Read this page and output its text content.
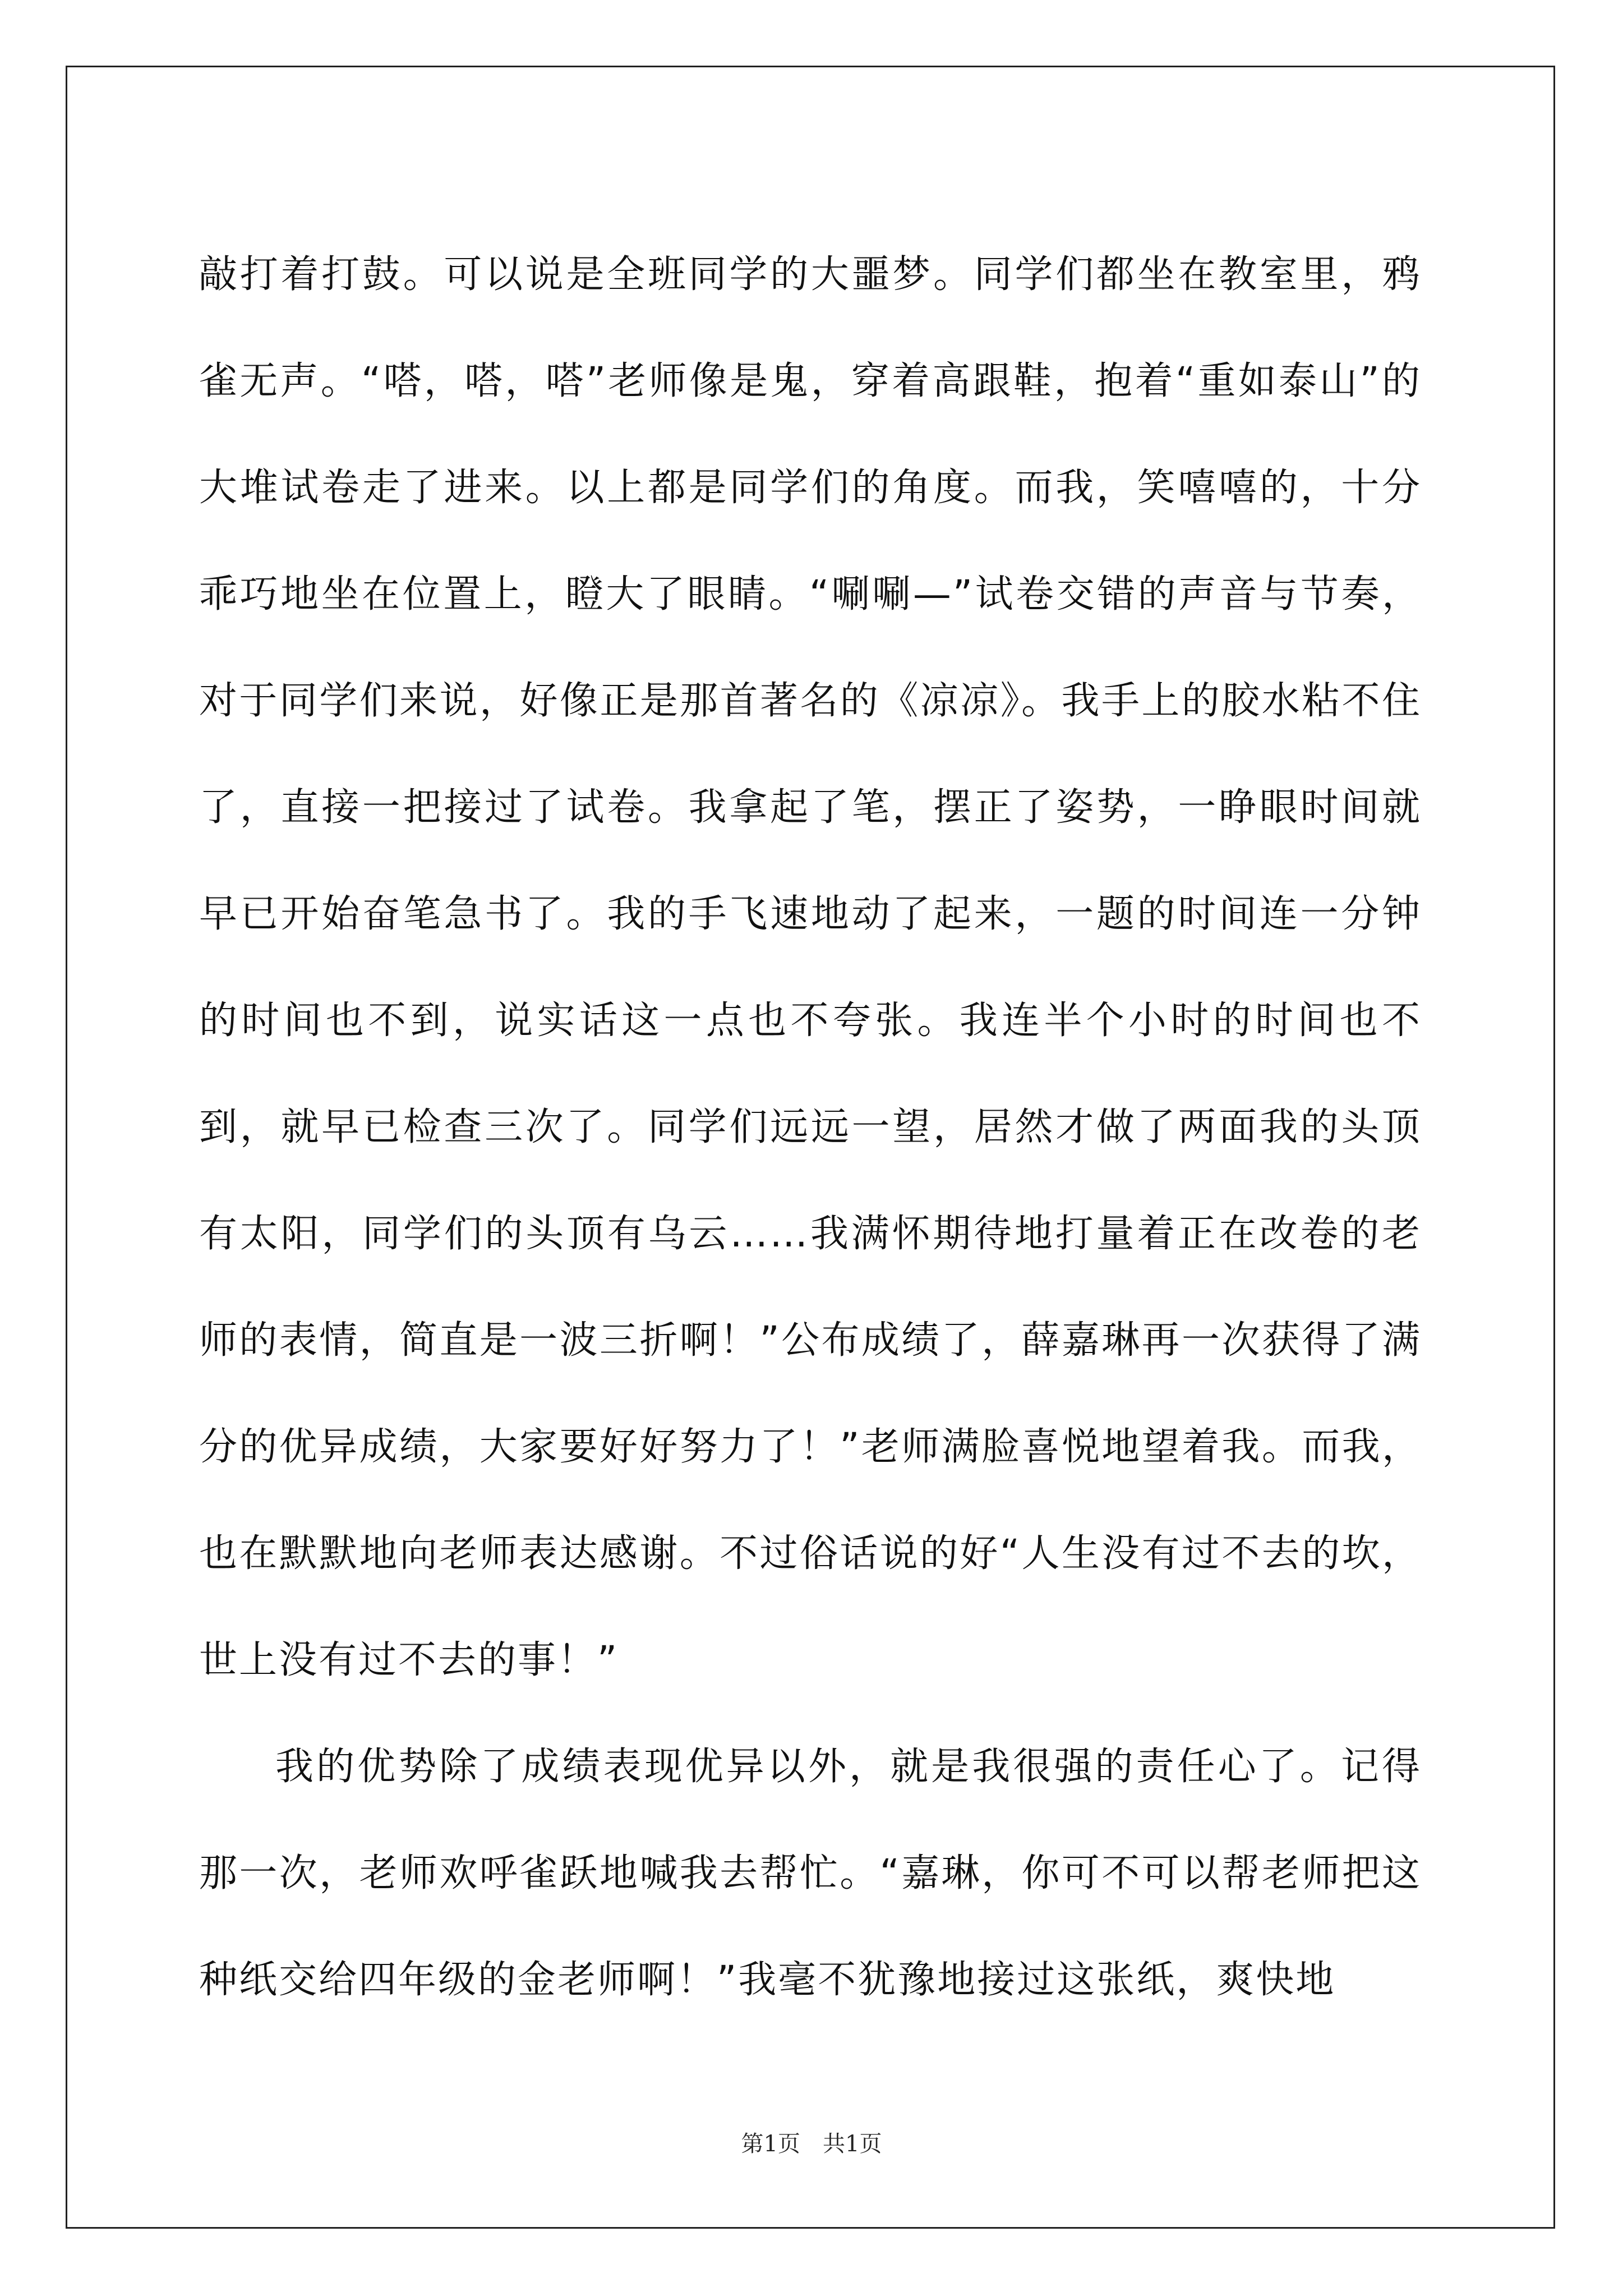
敲打着打鼓。可以说是全班同学的大噩梦。同学们都坐在教室里，鸦雀无声。“嗒，嗒，嗒”老师像是鬼，穿着高跟鞋，抱着“重如泰山”的大堆试卷走了进来。以上都是同学们的角度。而我，笑嘻嘻的，十分乖巧地坐在位置上，瞪大了眼睛。“唰唰—”试卷交错的声音与节奏，对于同学们来说，好像正是那首著名的《凉凉》。我手上的胶水粘不住了，直接一把接过了试卷。我拿起了笔，摆正了姿势，一睁眼时间就早已开始奋笔急书了。我的手飞速地动了起来，一题的时间连一分钟的时间也不到，说实话这一点也不夸张。我连半个小时的时间也不到，就早已检查三次了。同学们远远一望，居然才做了两面我的头顶有太阳，同学们的头顶有乌云……我满怀期待地打量着正在改卷的老师的表情，简直是一波三折啊！”公布成绩了，薛嘉琳再一次获得了满分的优异成绩，大家要好好努力了！”老师满脸喜悦地望着我。而我，也在默默地向老师表达感谢。不过俗话说的好“人生没有过不去的坎，世上没有过不去的事！”

我的优势除了成绩表现优异以外，就是我很强的责任心了。记得那一次，老师欢呼雀跃地喊我去帮忙。“嘉琳，你可不可以帮老师把这种纸交给四年级的金老师啊！”我毫不犹豫地接过这张纸，爽快地

第1页　共1页
